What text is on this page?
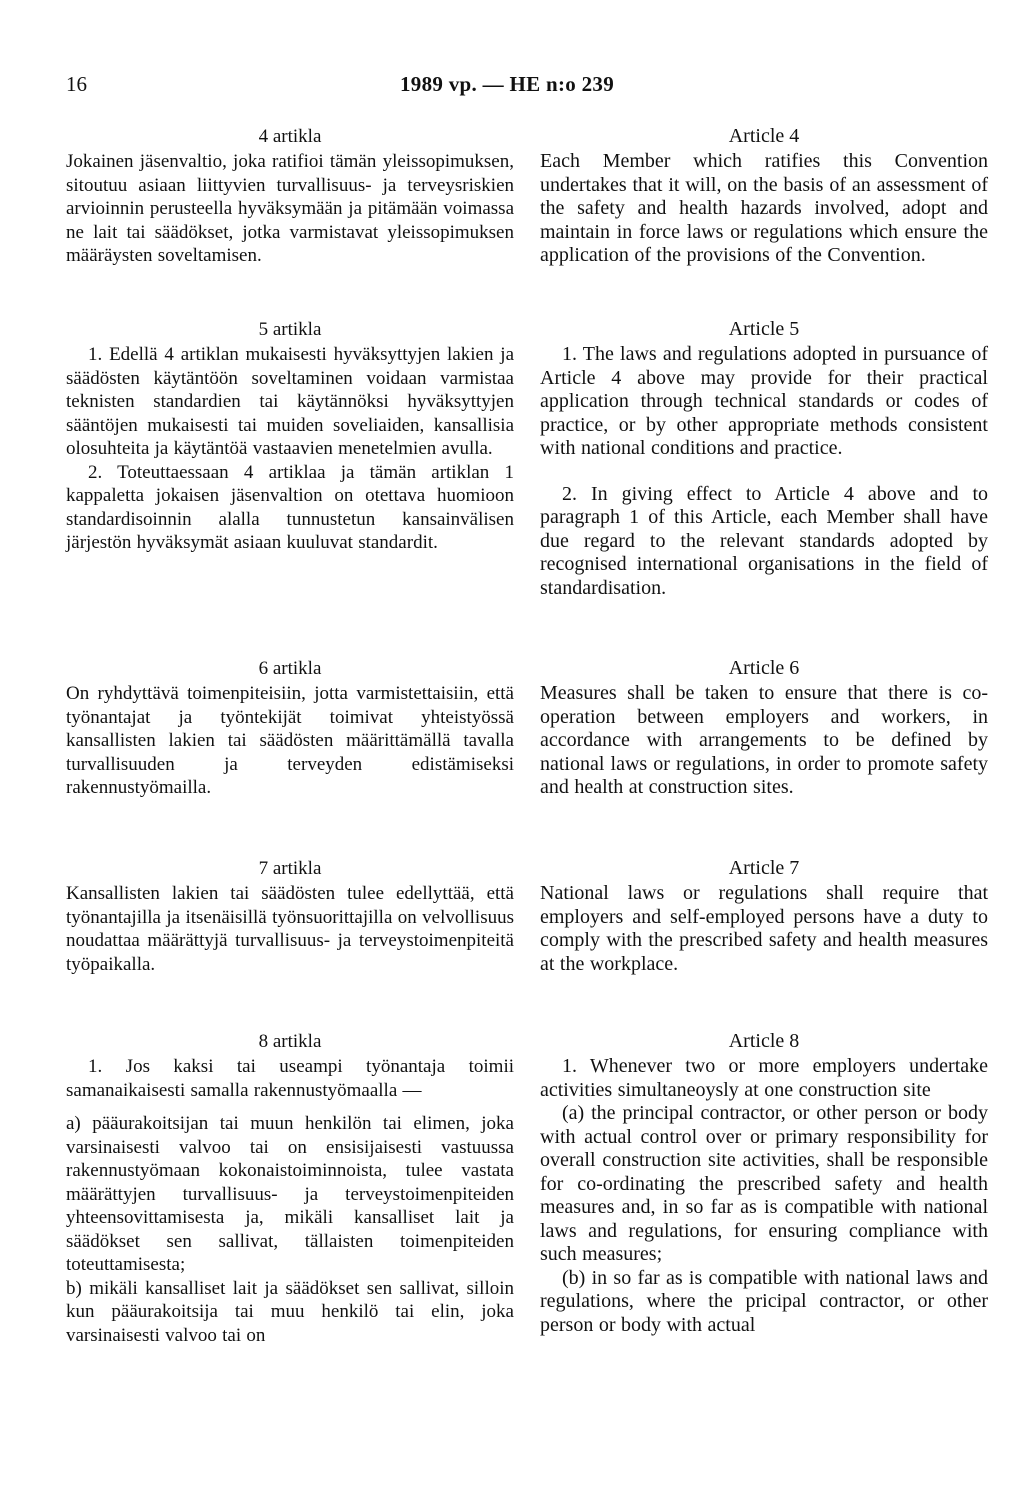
16	1989 vp. — HE n:o 239
4 artikla

Jokainen jäsenvaltio, joka ratifioi tämän yleissopimuksen, sitoutuu asiaan liittyvien turvallisuus- ja terveysriskien arvioinnin perusteella hyväksymään ja pitämään voimassa ne lait tai säädökset, jotka varmistavat yleissopimuksen määräysten soveltamisen.

5 artikla

1. Edellä 4 artiklan mukaisesti hyväksyttyjen lakien ja säädösten käytäntöön soveltaminen voidaan varmistaa teknisten standardien tai käytännöksi hyväksyttyjen sääntöjen mukaisesti tai muiden soveliaiden, kansallisia olosuhteita ja käytäntöä vastaavien menetelmien avulla.

2. Toteuttaessaan 4 artiklaa ja tämän artiklan 1 kappaletta jokaisen jäsenvaltion on otettava huomioon standardisoinnin alalla tunnustetun kansainvälisen järjestön hyväksymät asiaan kuuluvat standardit.

6 artikla

On ryhdyttävä toimenpiteisiin, jotta varmistettaisiin, että työnantajat ja työntekijät toimivat yhteistyössä kansallisten lakien tai säädösten määrittämällä tavalla turvallisuuden ja terveyden edistämiseksi rakennustyömailla.

7 artikla

Kansallisten lakien tai säädösten tulee edellyttää, että työnantajilla ja itsenäisillä työnsuorittajilla on velvollisuus noudattaa määrättyjä turvallisuus- ja terveystoimenpiteitä työpaikalla.

8 artikla

1. Jos kaksi tai useampi työnantaja toimii samanaikaisesti samalla rakennustyömaalla —

a) pääurakoitsijan tai muun henkilön tai elimen, joka varsinaisesti valvoo tai on ensisijaisesti vastuussa rakennustyömaan kokonaistoiminnoista, tulee vastata määrättyjen turvallisuus- ja terveystoimenpiteiden yhteensovittamisesta ja, mikäli kansalliset lait ja säädökset sen sallivat, tällaisten toimenpiteiden toteuttamisesta;

b) mikäli kansalliset lait ja säädökset sen sallivat, silloin kun pääurakoitsija tai muu henkilö tai elin, joka varsinaisesti valvoo tai on

Article 4

Each Member which ratifies this Convention undertakes that it will, on the basis of an assessment of the safety and health hazards involved, adopt and maintain in force laws or regulations which ensure the application of the provisions of the Convention.

Article 5

1. The laws and regulations adopted in pursuance of Article 4 above may provide for their practical application through technical standards or codes of practice, or by other appropriate methods consistent with national conditions and practice.

2. In giving effect to Article 4 above and to paragraph 1 of this Article, each Member shall have due regard to the relevant standards adopted by recognised international organisations in the field of standardisation.

Article 6

Measures shall be taken to ensure that there is co-operation between employers and workers, in accordance with arrangements to be defined by national laws or regulations, in order to promote safety and health at construction sites.

Article 7

National laws or regulations shall require that employers and self-employed persons have a duty to comply with the prescribed safety and health measures at the workplace.

Article 8

1. Whenever two or more employers undertake activities simultaneoysly at one construction site

(a) the principal contractor, or other person or body with actual control over or primary responsibility for overall construction site activities, shall be responsible for co-ordinating the prescribed safety and health measures and, in so far as is compatible with national laws and regulations, for ensuring compliance with such measures;

(b) in so far as is compatible with national laws and regulations, where the pricipal contractor, or other person or body with actual
